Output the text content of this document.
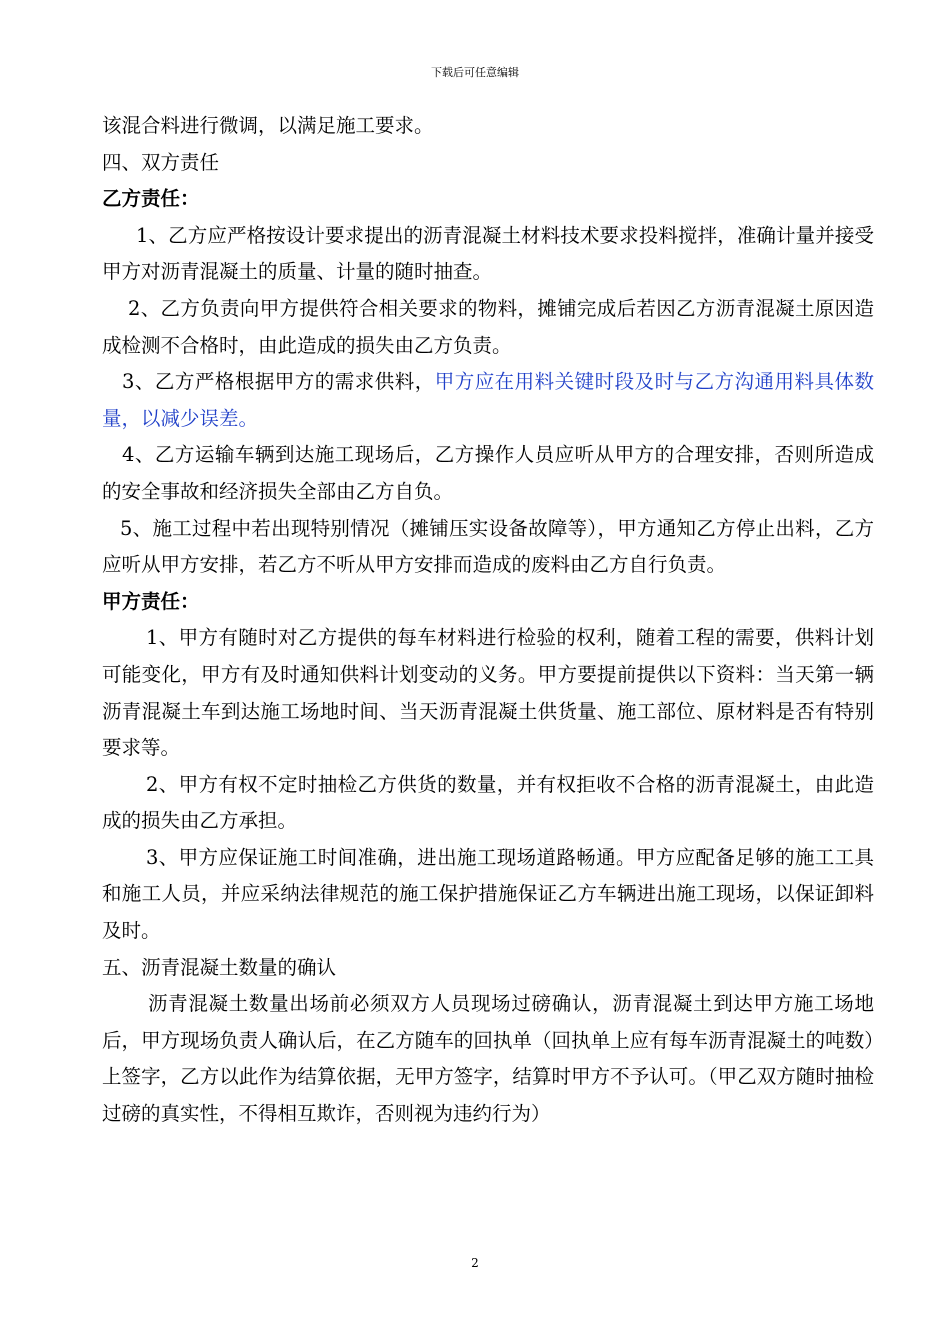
下载后可任意编辑

该混合料进行微调，以满足施工要求。

四、双方责任

乙方责任：

1、乙方应严格按设计要求提出的沥青混凝土材料技术要求投料搅拌，准确计量并接受甲方对沥青混凝土的质量、计量的随时抽查。

2、乙方负责向甲方提供符合相关要求的物料，摊铺完成后若因乙方沥青混凝土原因造成检测不合格时，由此造成的损失由乙方负责。

3、乙方严格根据甲方的需求供料，甲方应在用料关键时段及时与乙方沟通用料具体数量，以减少误差。

4、乙方运输车辆到达施工现场后，乙方操作人员应听从甲方的合理安排，否则所造成的安全事故和经济损失全部由乙方自负。

5、施工过程中若出现特别情况（摊铺压实设备故障等），甲方通知乙方停止出料，乙方应听从甲方安排，若乙方不听从甲方安排而造成的废料由乙方自行负责。

甲方责任：

1、甲方有随时对乙方提供的每车材料进行检验的权利，随着工程的需要，供料计划可能变化，甲方有及时通知供料计划变动的义务。甲方要提前提供以下资料：当天第一辆沥青混凝土车到达施工场地时间、当天沥青混凝土供货量、施工部位、原材料是否有特别要求等。

2、甲方有权不定时抽检乙方供货的数量，并有权拒收不合格的沥青混凝土，由此造成的损失由乙方承担。

3、甲方应保证施工时间准确，进出施工现场道路畅通。甲方应配备足够的施工工具和施工人员，并应采纳法律规范的施工保护措施保证乙方车辆进出施工现场，以保证卸料及时。

五、沥青混凝土数量的确认

沥青混凝土数量出场前必须双方人员现场过磅确认，沥青混凝土到达甲方施工场地后，甲方现场负责人确认后，在乙方随车的回执单（回执单上应有每车沥青混凝土的吨数）上签字，乙方以此作为结算依据，无甲方签字，结算时甲方不予认可。（甲乙双方随时抽检过磅的真实性，不得相互欺诈，否则视为违约行为）

2
